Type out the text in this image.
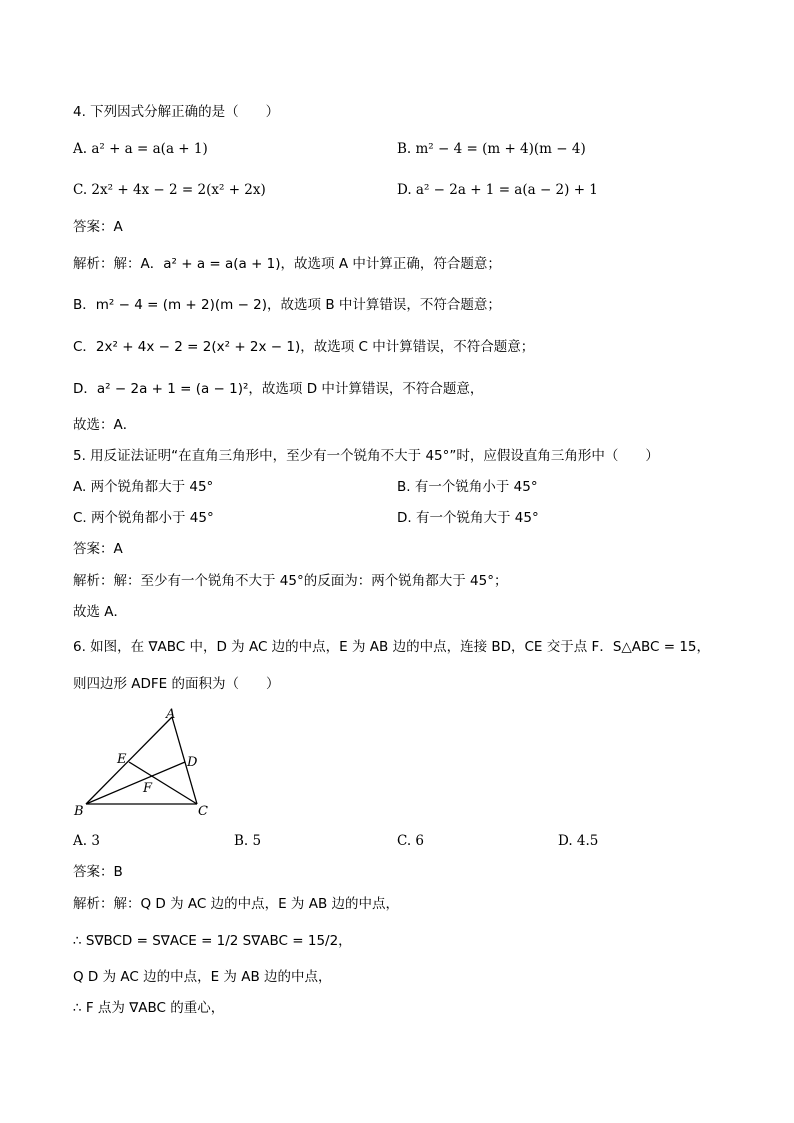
4. 下列因式分解正确的是（　　）
A. a² + a = a(a + 1)	B. m² − 4 = (m + 4)(m − 4)
C. 2x² + 4x − 2 = 2(x² + 2x)	D. a² − 2a + 1 = a(a − 2) + 1
答案：A
解析：解：A．a² + a = a(a + 1)，故选项 A 中计算正确，符合题意；
B．m² − 4 = (m + 2)(m − 2)，故选项 B 中计算错误，不符合题意；
C．2x² + 4x − 2 = 2(x² + 2x − 1)，故选项 C 中计算错误，不符合题意；
D．a² − 2a + 1 = (a − 1)²，故选项 D 中计算错误，不符合题意，
故选：A．
5. 用反证法证明“在直角三角形中，至少有一个锐角不大于 45°”时，应假设直角三角形中（　　）
A. 两个锐角都大于 45°	B. 有一个锐角小于 45°
C. 两个锐角都小于 45°	D. 有一个锐角大于 45°
答案：A
解析：解：至少有一个锐角不大于 45°的反面为：两个锐角都大于 45°；
故选 A．
6. 如图，在 ∇ABC 中，D 为 AC 边的中点，E 为 AB 边的中点，连接 BD，CE 交于点 F．S△ABC = 15，
则四边形 ADFE 的面积为（　　）
A
B	C
D
E
F
A. 3	B. 5	C. 6	D. 4.5
答案：B
解析：解：Q D 为 AC 边的中点，E 为 AB 边的中点，
∴ S∇BCD = S∇ACE = 1/2 S∇ABC = 15/2，
Q D 为 AC 边的中点，E 为 AB 边的中点，
∴ F 点为 ∇ABC 的重心，
